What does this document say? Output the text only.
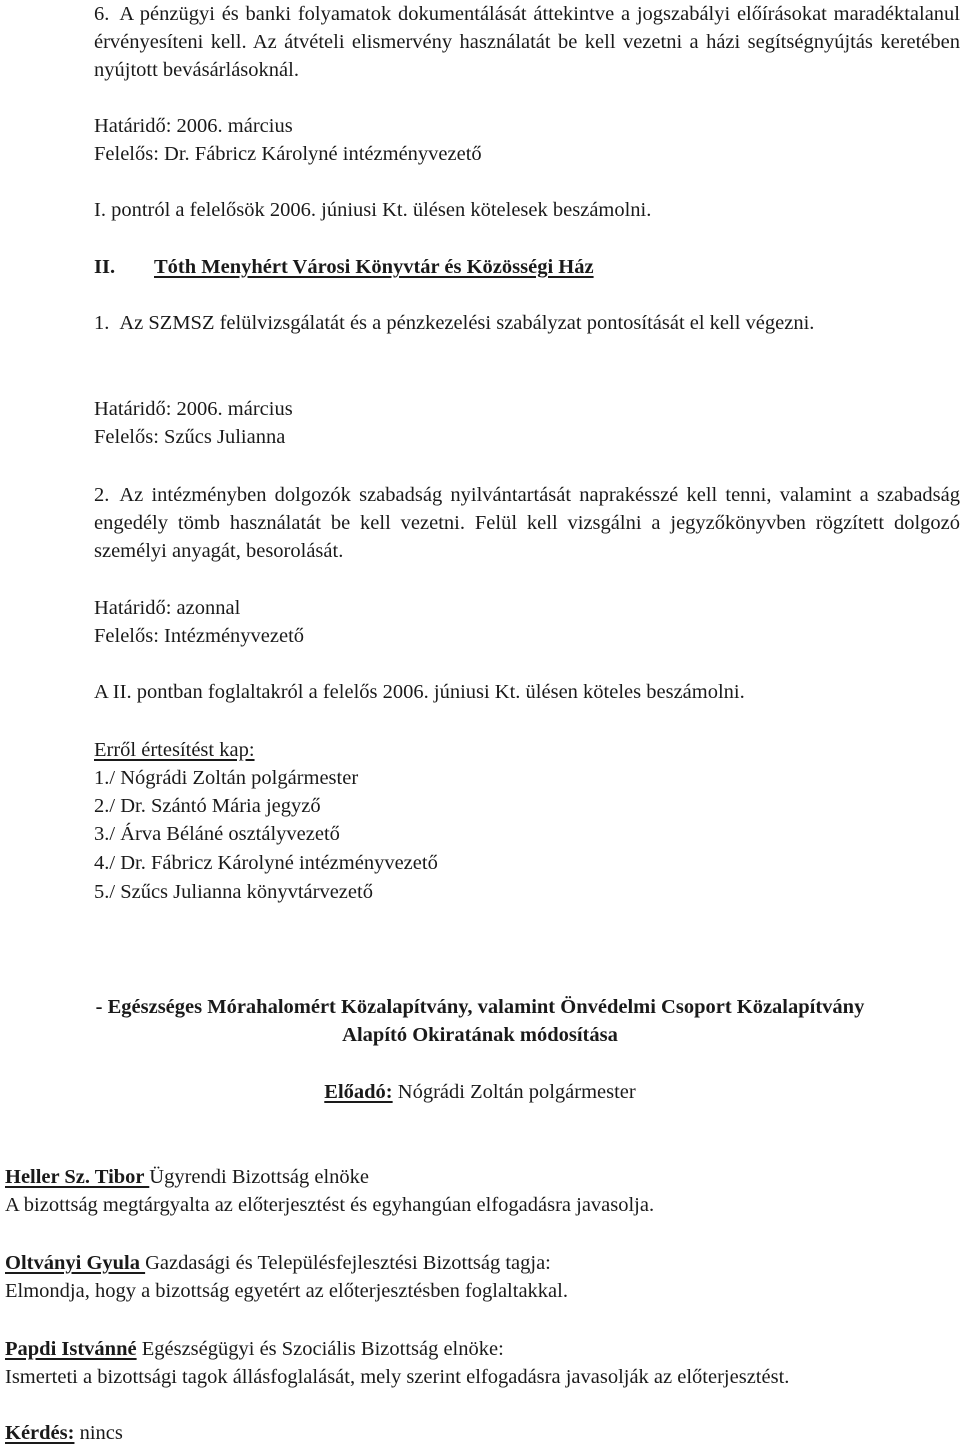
6. A pénzügyi és banki folyamatok dokumentálását áttekintve a jogszabályi előírásokat maradéktalanul érvényesíteni kell. Az átvételi elismervény használatát be kell vezetni a házi segítségnyújtás keretében nyújtott bevásárlásoknál.

Határidő: 2006. március

Felelős: Dr. Fábricz Károlyné intézményvezető

I. pontról a felelősök 2006. júniusi Kt. ülésen kötelesek beszámolni.

II. Tóth Menyhért Városi Könyvtár és Közösségi Ház

1. Az SZMSZ felülvizsgálatát és a pénzkezelési szabályzat pontosítását el kell végezni.

Határidő: 2006. március

Felelős: Szűcs Julianna

2. Az intézményben dolgozók szabadság nyilvántartását naprakésszé kell tenni, valamint a szabadság engedély tömb használatát be kell vezetni. Felül kell vizsgálni a jegyzőkönyvben rögzített dolgozó személyi anyagát, besorolását.

Határidő: azonnal

Felelős: Intézményvezető

A II. pontban foglaltakról a felelős 2006. júniusi Kt. ülésen köteles beszámolni.

Erről értesítést kap:

1./ Nógrádi Zoltán polgármester

2./ Dr. Szántó Mária jegyző

3./ Árva Béláné osztályvezető

4./ Dr. Fábricz Károlyné intézményvezető

5./ Szűcs Julianna könyvtárvezető

- Egészséges Mórahalomért Közalapítvány, valamint Önvédelmi Csoport Közalapítvány

Alapító Okiratának módosítása

Előadó: Nógrádi Zoltán polgármester

Heller Sz. Tibor Ügyrendi Bizottság elnöke

A bizottság megtárgyalta az előterjesztést és egyhangúan elfogadásra javasolja.

Oltványi Gyula Gazdasági és Településfejlesztési Bizottság tagja:

Elmondja, hogy a bizottság egyetért az előterjesztésben foglaltakkal.

Papdi Istvánné Egészségügyi és Szociális Bizottság elnöke:

Ismerteti a bizottsági tagok állásfoglalását, mely szerint elfogadásra javasolják az előterjesztést.

Kérdés: nincs
